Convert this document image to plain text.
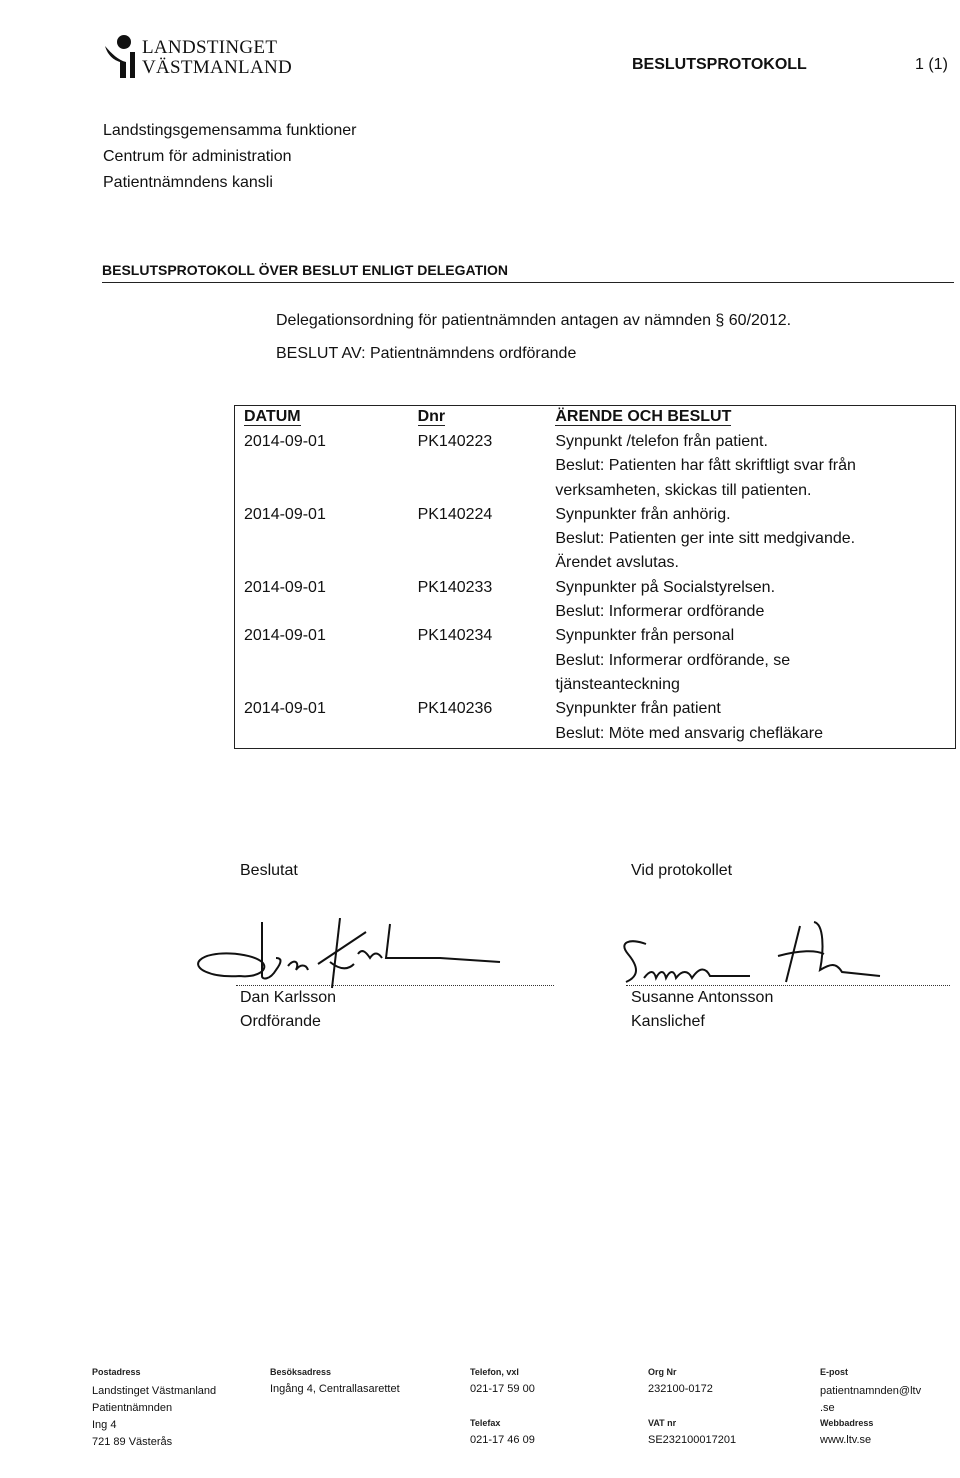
LANDSTINGET
VÄSTMANLAND	BESLUTSPROTOKOLL	1 (1)
Landstingsgemensamma funktioner
Centrum för administration
Patientnämndens kansli
BESLUTSPROTOKOLL ÖVER BESLUT ENLIGT DELEGATION
Delegationsordning för patientnämnden antagen av nämnden § 60/2012.
BESLUT AV: Patientnämndens ordförande
DATUM	Dnr	ÄRENDE OCH BESLUT
2014-09-01	PK140223	Synpunkt /telefon från patient.
Beslut: Patienten har fått skriftligt svar från
verksamheten, skickas till patienten.

2014-09-01	PK140224	Synpunkter från anhörig.
Beslut: Patienten ger inte sitt medgivande.
Ärendet avslutas.

2014-09-01	PK140233	Synpunkter på Socialstyrelsen.
Beslut: Informerar ordförande

2014-09-01	PK140234	Synpunkter från personal
Beslut: Informerar ordförande, se
tjänsteanteckning

2014-09-01	PK140236	Synpunkter från patient
Beslut: Möte med ansvarig chefläkare
Beslutat	Vid protokollet
Dan Karlsson
Ordförande
Susanne Antonsson
Kanslichef
Postadress
Landstinget Västmanland
Patientnämnden
Ing 4
721 89 Västerås
Besöksadress
Ingång 4, Centrallasarettet
Telefon, vxl
021-17 59 00
Telefax
021-17 46 09
Org Nr
232100-0172
VAT nr
SE232100017201
E-post
patientnamnden@ltv
.se
Webbadress
www.ltv.se
